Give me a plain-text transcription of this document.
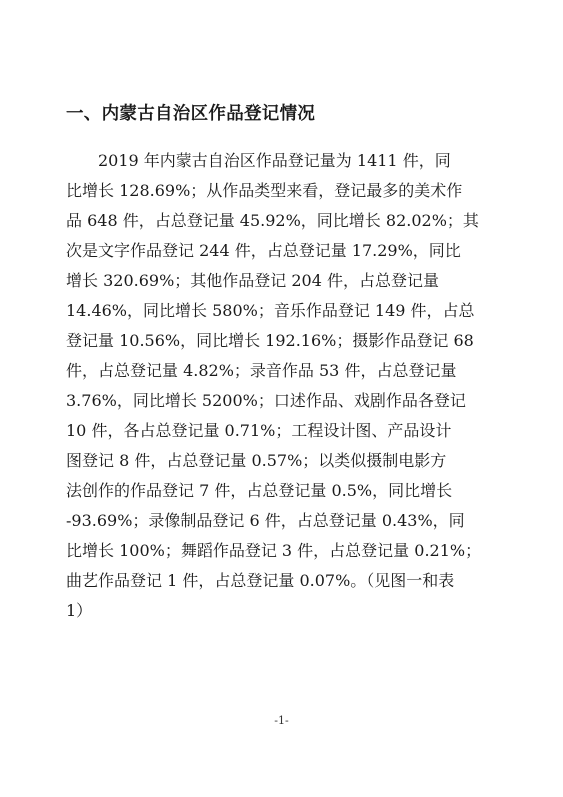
一、内蒙古自治区作品登记情况
2019 年内蒙古自治区作品登记量为 1411 件，同
比增长 128.69%；从作品类型来看，登记最多的美术作
品 648 件，占总登记量 45.92%，同比增长 82.02%；其
次是文字作品登记 244 件，占总登记量 17.29%，同比
增长 320.69%；其他作品登记 204 件，占总登记量
14.46%，同比增长 580%；音乐作品登记 149 件，占总
登记量 10.56%，同比增长 192.16%；摄影作品登记 68
件，占总登记量 4.82%；录音作品 53 件，占总登记量
3.76%，同比增长 5200%；口述作品、戏剧作品各登记
10 件，各占总登记量 0.71%；工程设计图、产品设计
图登记 8 件，占总登记量 0.57%；以类似摄制电影方
法创作的作品登记 7 件，占总登记量 0.5%，同比增长
-93.69%；录像制品登记 6 件，占总登记量 0.43%，同
比增长 100%；舞蹈作品登记 3 件，占总登记量 0.21%；
曲艺作品登记 1 件，占总登记量 0.07%。（见图一和表
1）
-1-
